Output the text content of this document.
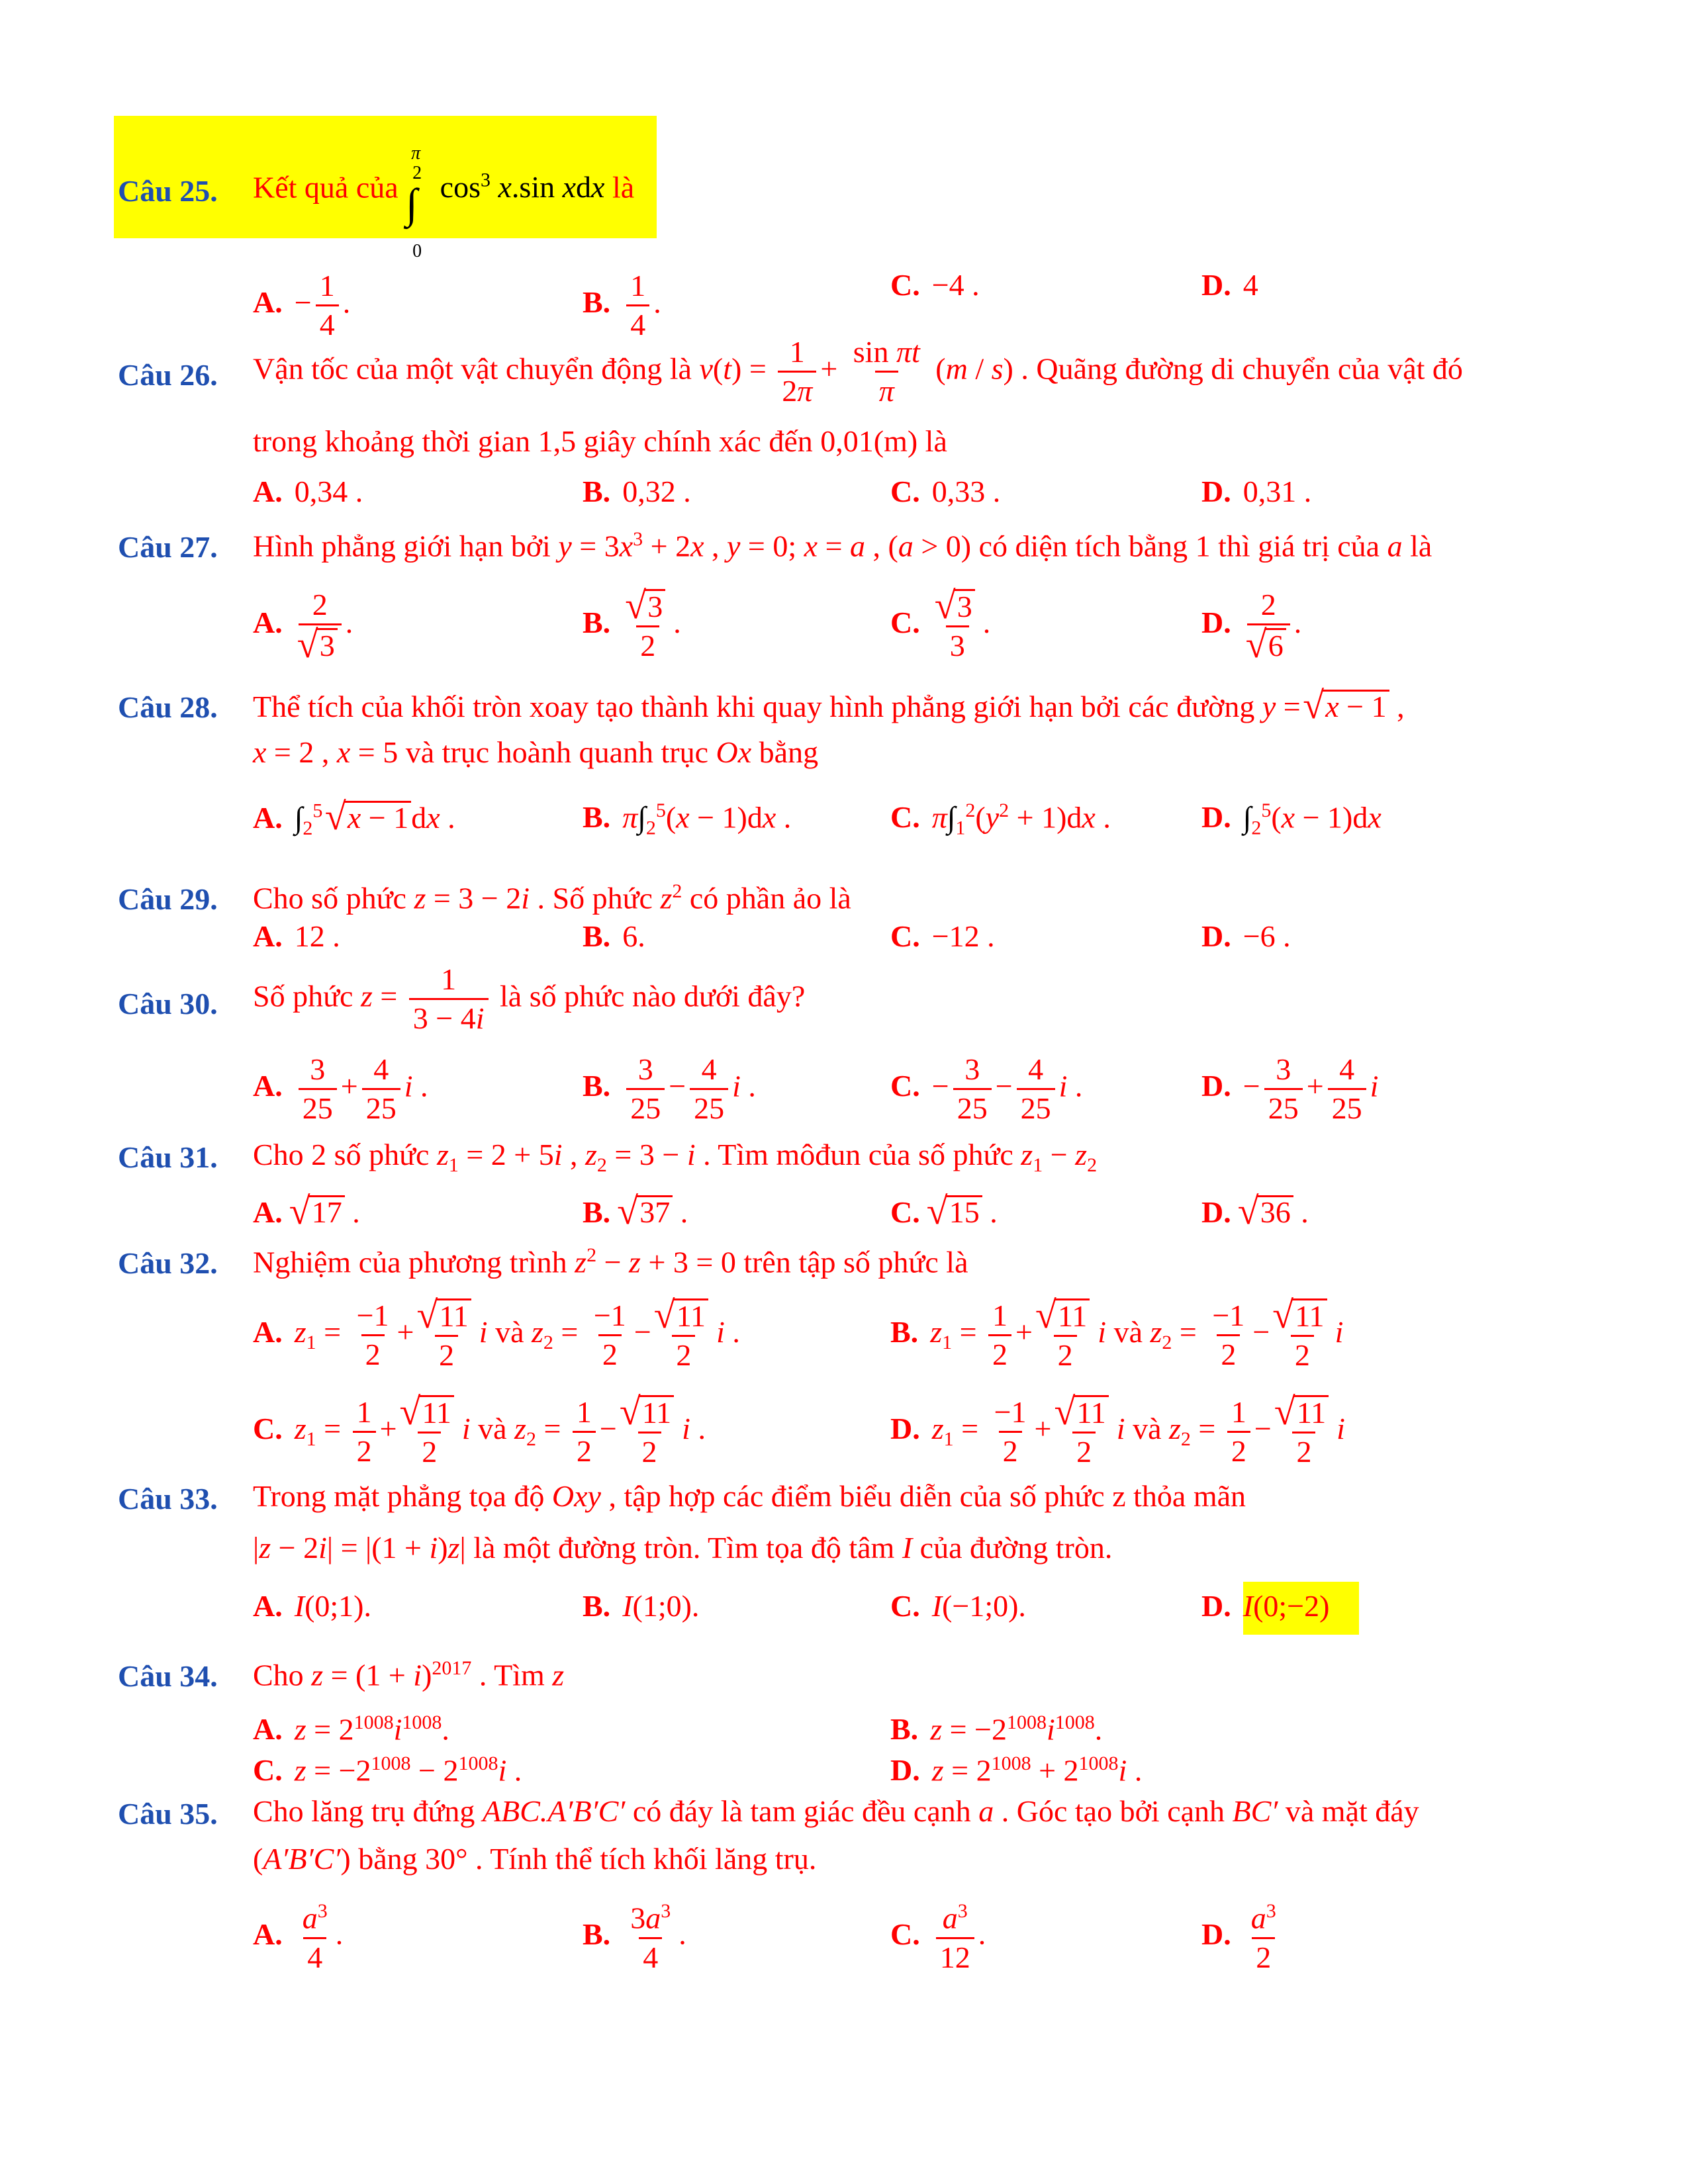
Câu 25. Kết quả của
π
2
∫
0
$\cos^3 x.\sin$ xdx là
A. − $\frac{1}{4}$ .	B. $\frac{1}{4}$ .
C. −4 .	D. 4
Câu 26. Vận tốc của một vật chuyển động là $v(t) = \frac{1}{2\pi} + \frac{\text{sin πt}}{\pi} (m / s)$ . Quãng đường di chuyển của vật đó
trong khoảng thời gian 1,5 giây chính xác đến 0,01(m) là
A. 0,34 .	B. 0,32 .	C. 0,33 .	D. 0,31 .
Câu 27. Hình phẳng giới hạn bởi $y = 3x^3 + 2x$ , y = 0; x = a , (a > 0) có diện tích bằng 1 thì giá trị của a là
A. 2
√ 3 .	B. √ $\frac{3}{2}$ .	C. √ $\frac{3}{3}$ .	D. 2
√ 6 .
Câu 28. Thể tích của khối tròn xoay tạo thành khi quay hình phẳng giới hạn bởi các đường y = √ x − 1 ,
x = 2 , x = 5 và trục hoành quanh trục Ox bằng
A. $\int_2^5$ √ x − 1dx .	B. $\pi\int_2^5(x - 1)dx$ .	C. $\pi\int_1^2(y^2 + 1)dx$ .	D. $\int_2^5(x - 1)dx$
Câu 29. Cho số phức z = 3 − 2i . Số phức $z^2$ có phần ảo là
A. 12 .	B. 6.	C. −12 .	D. −6 .
Câu 30. Số phức $z = \frac{1}{3 - 4i}$ là số phức nào dưới đây?
A. $\frac{3}{25} + \frac{4}{25}$ i .	B. $\frac{3}{25} - \frac{4}{25}$ i .	C. − $\frac{3}{25} - \frac{4}{25}$ i .	D. − $\frac{3}{25} + \frac{4}{25}$ i
Câu 31. Cho 2 số phức $z_1 = 2 + 5i$ , $z_2 = 3 - i$ . Tìm môđun của số phức $z_1 - z_2$
A. √ 17 .	B. √ 37 .	C. √ 15 .	D. √ 36 .
Câu 32. Nghiệm của phương trình $z^2 - z + 3 = 0$ trên tập số phức là
A. $z_1 = \frac{-1}{2}$ + √ $\frac{11}{2}$ i và $z_2 = \frac{-1}{2}$ − √ $\frac{11}{2}$ i .	B. $z_1 = \frac{1}{2}$ + √ $\frac{11}{2}$ i và $z_2 = \frac{-1}{2}$ − √ $\frac{11}{2}$ i
C. $z_1 = \frac{1}{2}$ + √ $\frac{11}{2}$ i và $z_2 = \frac{1}{2}$ − √ $\frac{11}{2}$ i .	D. $z_1 = \frac{-1}{2}$ + √ $\frac{11}{2}$ i và $z_2 = \frac{1}{2}$ − √ $\frac{11}{2}$ i
Câu 33. Trong mặt phẳng tọa độ Oxy , tập hợp các điểm biểu diễn của số phức z thỏa mãn
|z − 2i| = |(1 + i)z| là một đường tròn. Tìm tọa độ tâm I của đường tròn.
A. I(0;1).	B. I(1;0).	C. I(−1;0).	D. I(0;−2)
Câu 34. Cho $z = (1 + i)^{2017}$ . Tìm z
A. $z = 2^{1008}i^{1008}$.	B. $z = -2^{1008}i^{1008}$.
C. $z = -2^{1008} - 2^{1008}i$ .	D. $z = 2^{1008} + 2^{1008}i$ .
Câu 35. Cho lăng trụ đứng ABC.A′B′C′ có đáy là tam giác đều cạnh a . Góc tạo bởi cạnh BC′ và mặt đáy
(A′B′C′) bằng 30° . Tính thể tích khối lăng trụ.
A. $\frac{a^3}{4}$ .	B. $\frac{3a^3}{4}$ .	C. $\frac{a^3}{12}$ .	D. $\frac{a^3}{2}$
